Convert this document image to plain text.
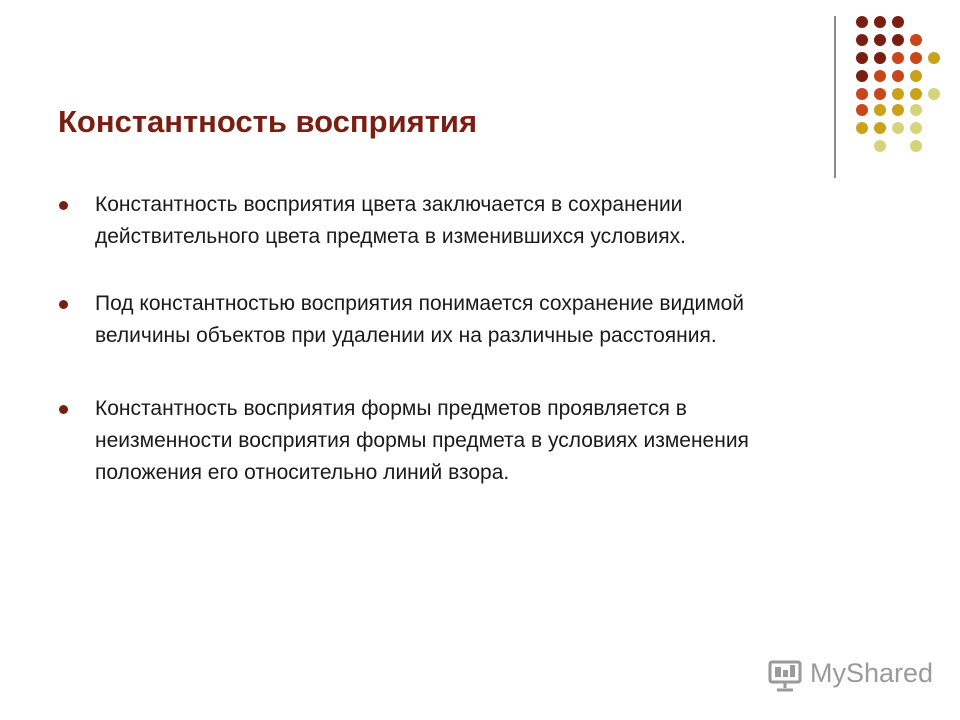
Константность восприятия

Константность восприятия цвета заключается в сохранении
действительного цвета предмета в изменившихся условиях.

Под константностью восприятия понимается сохранение видимой
величины объектов при удалении их на различные расстояния.

Константность восприятия формы предметов проявляется в
неизменности восприятия формы предмета в условиях изменения
положения его относительно линий взора.

MyShared
